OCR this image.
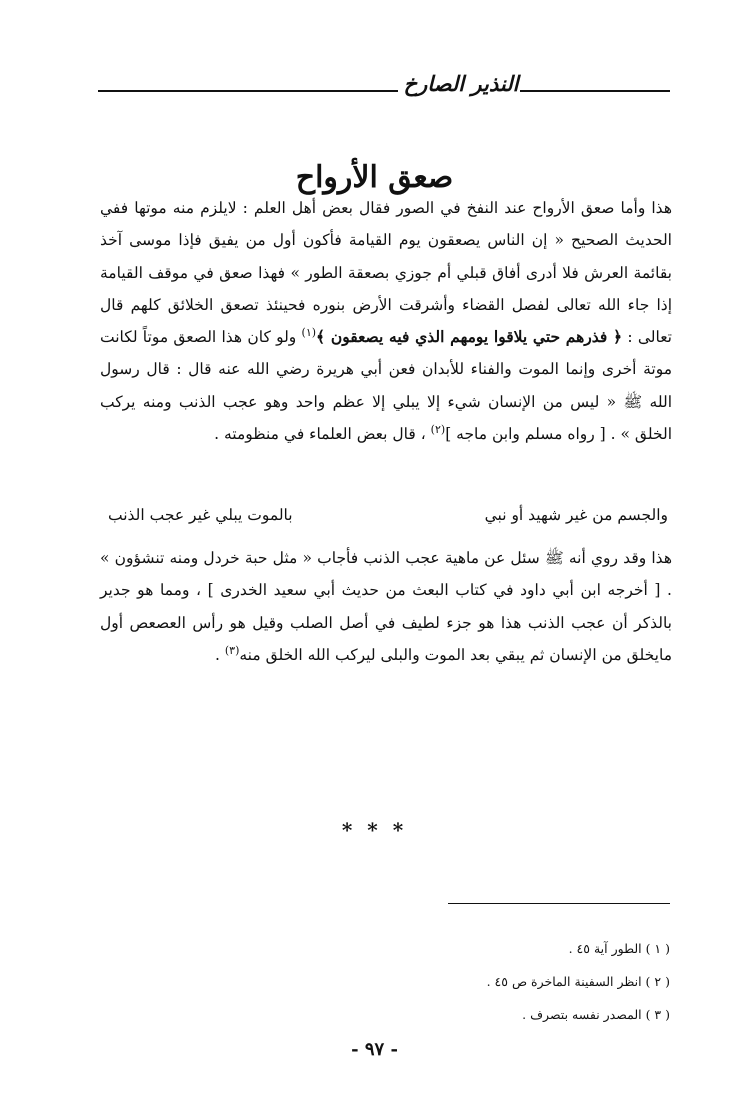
النذير الصارخ
صعق الأرواح

هذا وأما صعق الأرواح عند النفخ في الصور فقال بعض أهل العلم : لايلزم منه موتها ففي الحديث الصحيح « إن الناس يصعقون يوم القيامة فأكون أول من يفيق فإذا موسى آخذ بقائمة العرش فلا أدرى أفاق قبلي أم جوزي بصعقة الطور » فهذا صعق في موقف القيامة إذا جاء الله تعالى لفصل القضاء وأشرقت الأرض بنوره فحينئذ تصعق الخلائق كلهم قال تعالى : ﴿ فذرهم حتي يلاقوا يومهم الذي فيه يصعقون ﴾$^{(١)}$ ولو كان هذا الصعق موتاً لكانت موتة أخرى وإنما الموت والفناء للأبدان فعن أبي هريرة رضي الله عنه قال : قال رسول الله ﷺ « ليس من الإنسان شيء إلا يبلي إلا عظم واحد وهو عجب الذنب ومنه يركب الخلق » . [ رواه مسلم وابن ماجه ]$^{(٢)}$ ، قال بعض العلماء في منظومته .

والجسم من غير شهيد أو نبي
بالموت يبلي غير عجب الذنب

هذا وقد روي أنه ﷺ سئل عن ماهية عجب الذنب فأجاب « مثل حبة خردل ومنه تنشؤون » . [ أخرجه ابن أبي داود في كتاب البعث من حديث أبي سعيد الخدرى ] ، ومما هو جدير بالذكر أن عجب الذنب هذا هو جزء لطيف في أصل الصلب وقيل هو رأس العصعص أول مايخلق من الإنسان ثم يبقي بعد الموت والبلى ليركب الله الخلق منه$^{(٣)}$ .

* * *

( ١ ) الطور آية ٤٥ .

( ٢ ) انظر السفينة الماخرة ص ٤٥ .

( ٣ ) المصدر نفسه بتصرف .

- ٩٧ -
